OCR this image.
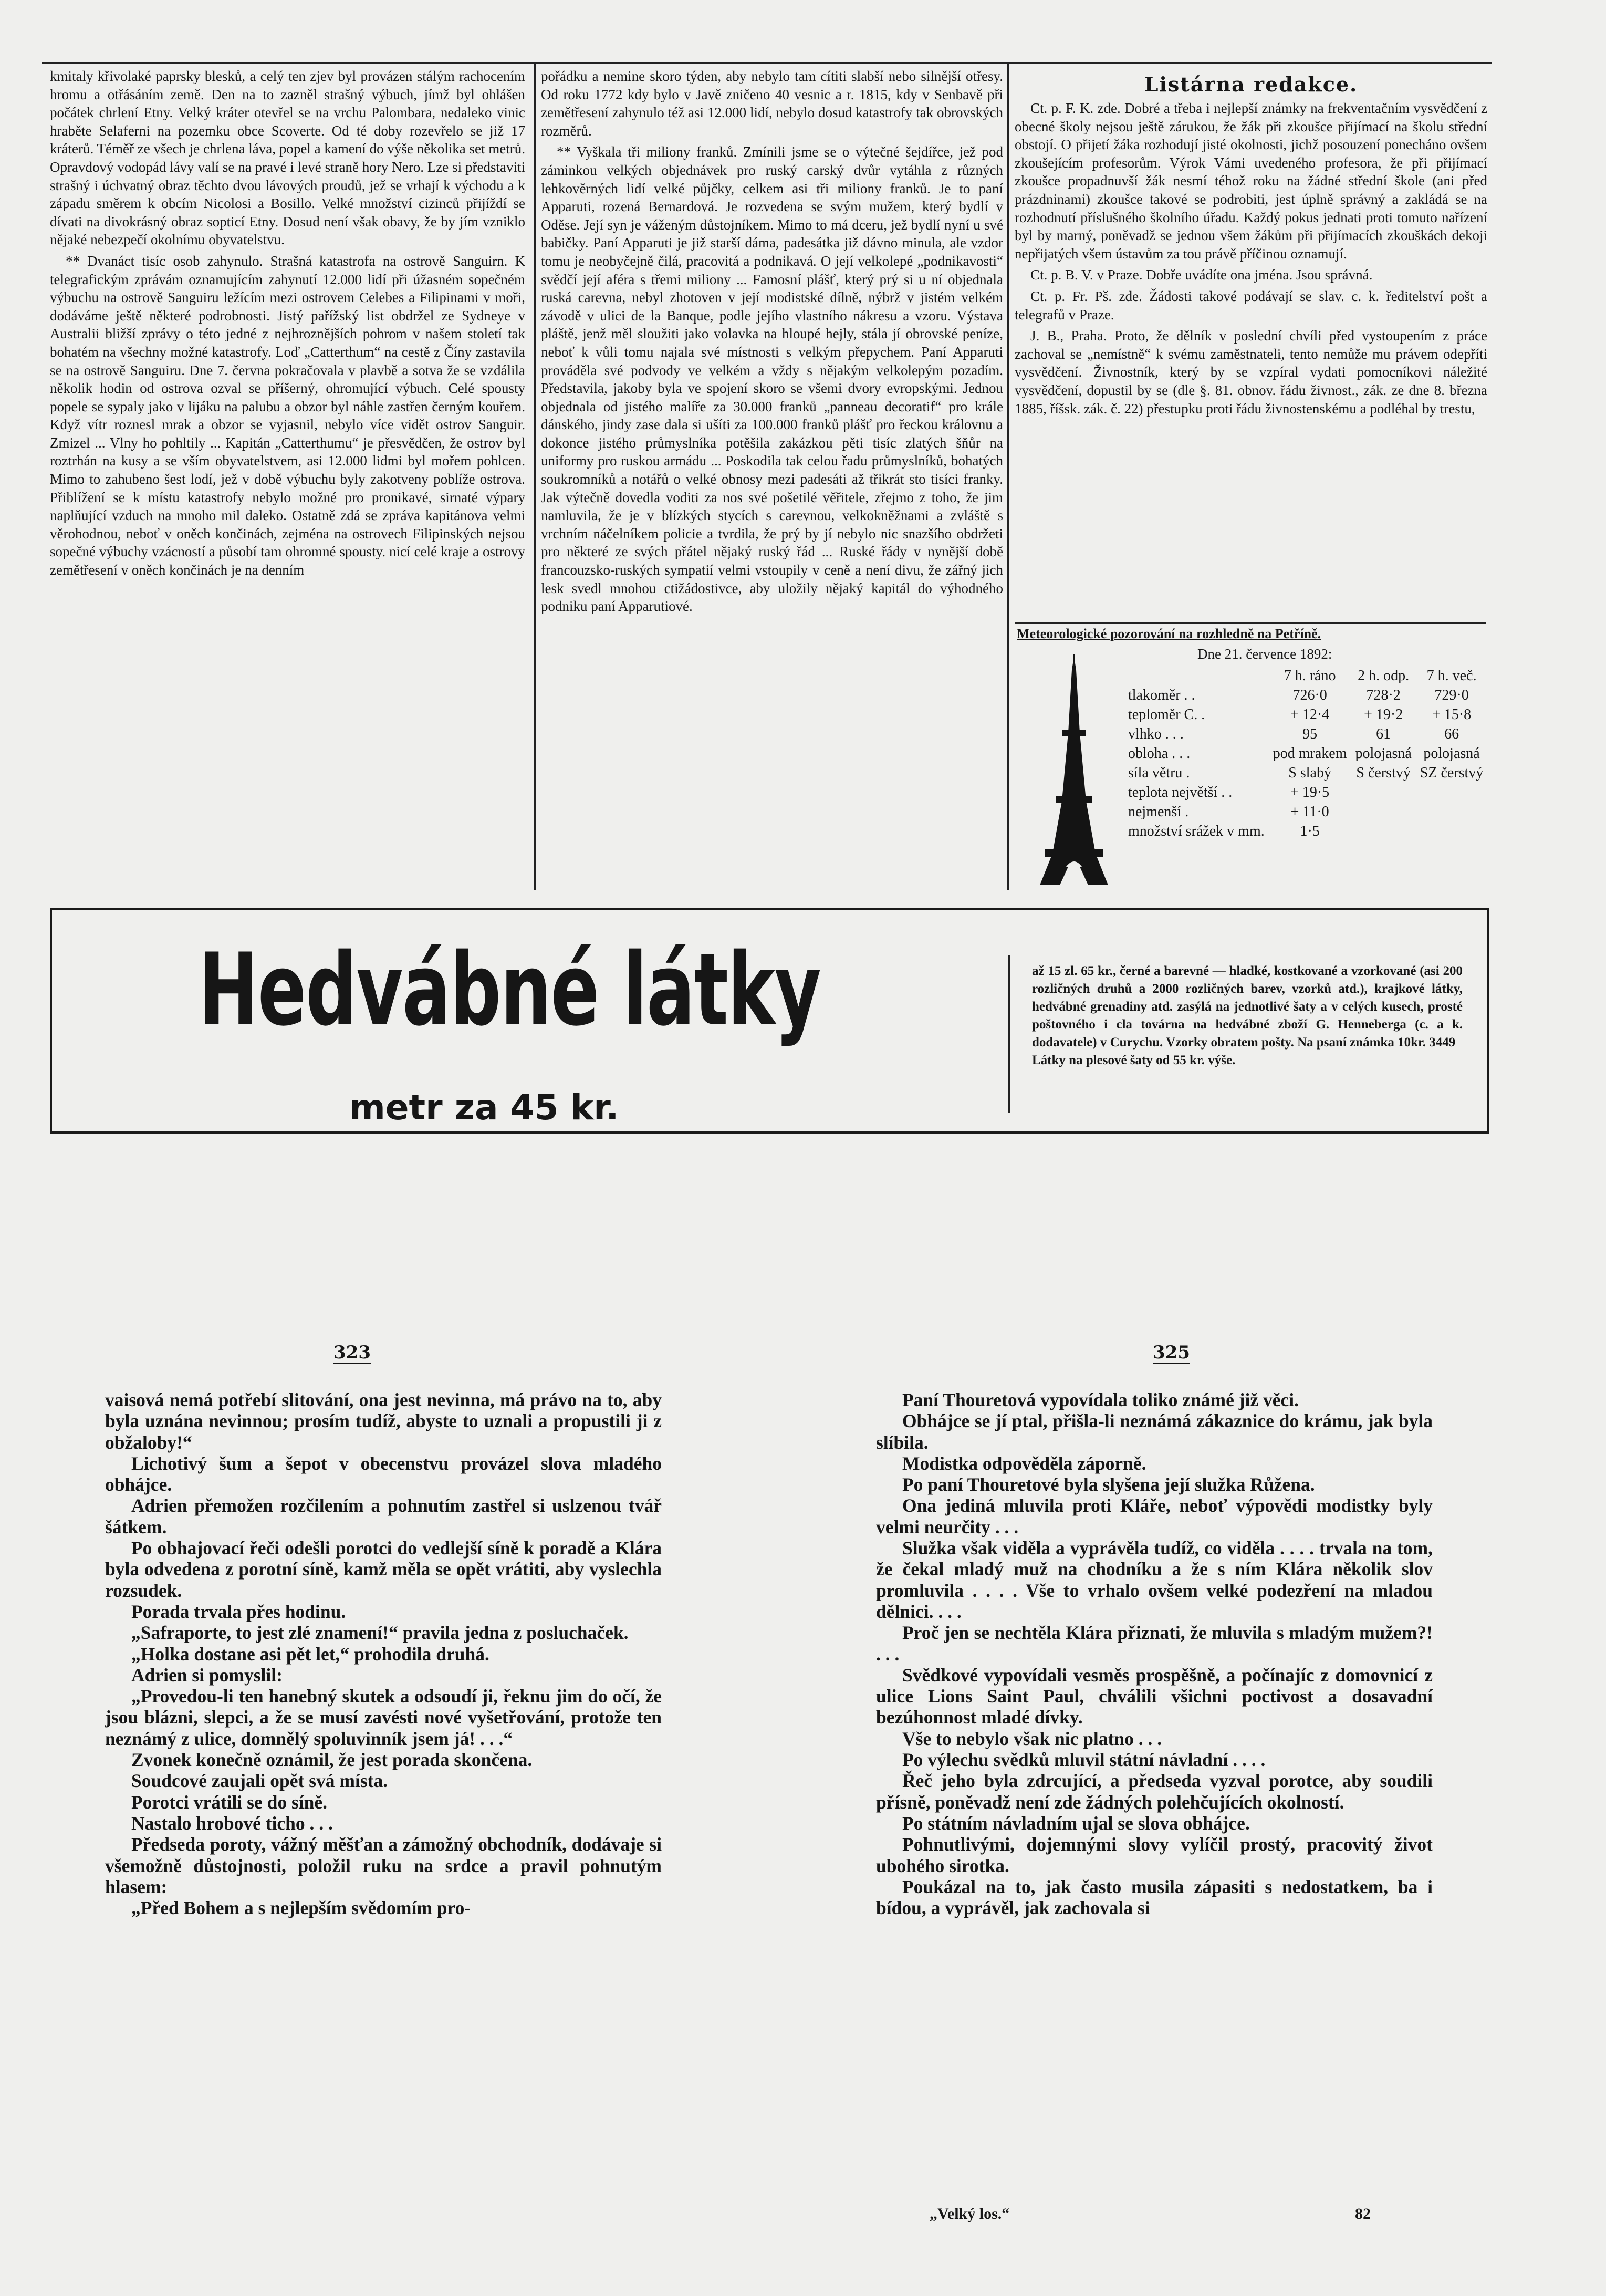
kmitaly křivolaké paprsky blesků, a celý ten zjev byl provázen stálým rachocením hromu a otřásáním země. Den na to zazněl strašný výbuch, jímž byl ohlášen počátek chrlení Etny. Velký kráter otevřel se na vrchu Palombara, nedaleko vinic hraběte Selaferni na pozemku obce Scoverte. Od té doby rozevřelo se již 17 kráterů. Téměř ze všech je chrlena láva, popel a kamení do výše několika set metrů. Opravdový vodopád lávy valí se na pravé i levé straně hory Nero. Lze si představiti strašný i úchvatný obraz těchto dvou lávových proudů, jež se vrhají k východu a k západu směrem k obcím Nicolosi a Bosillo. Velké množství cizinců přijíždí se dívati na divokrásný obraz sopticí Etny. Dosud není však obavy, že by jím vzniklo nějaké nebezpečí okolnímu obyvatelstvu.

** Dvanáct tisíc osob zahynulo. Strašná katastrofa na ostrově Sanguirn. K telegrafickým zprávám oznamujícím zahynutí 12.000 lidí při úžasném sopečném výbuchu na ostrově Sanguiru ležícím mezi ostrovem Celebes a Filipinami v moři, dodáváme ještě některé podrobnosti. Jistý pařížský list obdržel ze Sydneye v Australii bližší zprávy o této jedné z nejhroznějších pohrom v našem století tak bohatém na všechny možné katastrofy. Loď „Catterthum“ na cestě z Číny zastavila se na ostrově Sanguiru. Dne 7. června pokračovala v plavbě a sotva že se vzdálila několik hodin od ostrova ozval se příšerný, ohromující výbuch. Celé spousty popele se sypaly jako v lijáku na palubu a obzor byl náhle zastřen černým kouřem. Když vítr roznesl mrak a obzor se vyjasnil, nebylo více vidět ostrov Sanguir. Zmizel ... Vlny ho pohltily ... Kapitán „Catterthumu“ je přesvědčen, že ostrov byl roztrhán na kusy a se vším obyvatelstvem, asi 12.000 lidmi byl mořem pohlcen. Mimo to zahubeno šest lodí, jež v době výbuchu byly zakotveny poblíže ostrova. Přiblížení se k místu katastrofy nebylo možné pro pronikavé, sirnaté výpary naplňující vzduch na mnoho mil daleko. Ostatně zdá se zpráva kapitánova velmi věrohodnou, neboť v oněch končinách, zejména na ostrovech Filipinských nejsou sopečné výbuchy vzácností a působí tam ohromné spousty. nicí celé kraje a ostrovy zemětřesení v oněch končinách je na denním

pořádku a nemine skoro týden, aby nebylo tam cítiti slabší nebo silnější otřesy. Od roku 1772 kdy bylo v Javě zničeno 40 vesnic a r. 1815, kdy v Senbavě při zemětřesení zahynulo též asi 12.000 lidí, nebylo dosud katastrofy tak obrovských rozměrů.

** Vyškala tři miliony franků. Zmínili jsme se o výtečné šejdířce, jež pod záminkou velkých objednávek pro ruský carský dvůr vytáhla z různých lehkověrných lidí velké půjčky, celkem asi tři miliony franků. Je to paní Apparuti, rozená Bernardová. Je rozvedena se svým mužem, který bydlí v Oděse. Její syn je váženým důstojníkem. Mimo to má dceru, jež bydlí nyní u své babičky. Paní Apparuti je již starší dáma, padesátka již dávno minula, ale vzdor tomu je neobyčejně čilá, pracovitá a podnikavá. O její velkolepé „podnikavosti“ svědčí její aféra s třemi miliony ... Famosní plášť, který prý si u ní objednala ruská carevna, nebyl zhotoven v její modistské dílně, nýbrž v jistém velkém závodě v ulici de la Banque, podle jejího vlastního nákresu a vzoru. Výstava pláště, jenž měl sloužiti jako volavka na hloupé hejly, stála jí obrovské peníze, neboť k vůli tomu najala své místnosti s velkým přepychem. Paní Apparuti prováděla své podvody ve velkém a vždy s nějakým velkolepým pozadím. Představila, jakoby byla ve spojení skoro se všemi dvory evropskými. Jednou objednala od jistého malíře za 30.000 franků „panneau decoratif“ pro krále dánského, jindy zase dala si ušíti za 100.000 franků plášť pro řeckou královnu a dokonce jistého průmyslníka potěšila zakázkou pěti tisíc zlatých šňůr na uniformy pro ruskou armádu ... Poskodila tak celou řadu průmyslníků, bohatých soukromníků a notářů o velké obnosy mezi padesáti až třikrát sto tisíci franky. Jak výtečně dovedla voditi za nos své pošetilé věřitele, zřejmo z toho, že jim namluvila, že je v blízkých stycích s carevnou, velkokněžnami a zvláště s vrchním náčelníkem policie a tvrdila, že prý by jí nebylo nic snazšího obdržeti pro některé ze svých přátel nějaký ruský řád ... Ruské řády v nynější době francouzsko-ruských sympatií velmi vstoupily v ceně a není divu, že zářný jich lesk svedl mnohou ctižádostivce, aby uložily nějaký kapitál do výhodného podniku paní Apparutiové.

Listárna redakce.

Ct. p. F. K. zde. Dobré a třeba i nejlepší známky na frekventačním vysvědčení z obecné školy nejsou ještě zárukou, že žák při zkoušce přijímací na školu střední obstojí. O přijetí žáka rozhodují jisté okolnosti, jichž posouzení ponecháno ovšem zkoušejícím profesorům. Výrok Vámi uvedeného profesora, že při přijímací zkoušce propadnuvší žák nesmí téhož roku na žádné střední škole (ani před prázdninami) zkoušce takové se podrobiti, jest úplně správný a zakládá se na rozhodnutí příslušného školního úřadu. Každý pokus jednati proti tomuto nařízení byl by marný, poněvadž se jednou všem žákům při přijímacích zkouškách dekoji nepřijatých všem ústavům za tou právě příčinou oznamují.

Ct. p. B. V. v Praze. Dobře uvádíte ona jména. Jsou správná.

Ct. p. Fr. Pš. zde. Žádosti takové podávají se slav. c. k. ředitelství pošt a telegrafů v Praze.

J. B., Praha. Proto, že dělník v poslední chvíli před vystoupením z práce zachoval se „nemístně“ k svému zaměstnateli, tento nemůže mu právem odepříti vysvědčení. Živnostník, který by se vzpíral vydati pomocníkovi náležité vysvědčení, dopustil by se (dle §. 81. obnov. řádu živnost., zák. ze dne 8. března 1885, říšsk. zák. č. 22) přestupku proti řádu živnostenskému a podléhal by trestu,

Meteorologické pozorování na rozhledně na Petříně.
Dne 21. července 1892:
	7 h. ráno	2 h. odp.	7 h. več.
tlakoměr . .	726·0	728·2	729·0
teploměr C. .	+ 12·4	+ 19·2	+ 15·8
vlhko . . .	95	61	66
obloha . . .	pod mrakem	polojasná	polojasná
síla větru .	S slabý	S čerstvý	SZ čerstvý
teplota největší . .	+ 19·5		
nejmenší .	+ 11·0		
množství srážek v mm.	1·5		
Hedvábné látky
metr za 45 kr.
až 15 zl. 65 kr., černé a barevné — hladké, kostkované a vzorkované (asi 200 rozličných druhů a 2000 rozličných barev, vzorků atd.), krajkové látky, hedvábné grenadiny atd. zasýlá na jednotlivé šaty a v celých kusech, prosté poštovného i cla továrna na hedvábné zboží G. Henneberga (c. a k. dodavatele) v Curychu. Vzorky obratem pošty. Na psaní známka 10kr. 3449
Látky na plesové šaty od 55 kr. výše.
323	325

vaisová nemá potřebí slitování, ona jest nevinna, má právo na to, aby byla uznána nevinnou; prosím tudíž, abyste to uznali a propustili ji z obžaloby!“

Lichotivý šum a šepot v obecenstvu provázel slova mladého obhájce.

Adrien přemožen rozčilením a pohnutím zastřel si uslzenou tvář šátkem.

Po obhajovací řeči odešli porotci do vedlejší síně k poradě a Klára byla odvedena z porotní síně, kamž měla se opět vrátiti, aby vyslechla rozsudek.

Porada trvala přes hodinu.

„Safraporte, to jest zlé znamení!“ pravila jedna z posluchaček.

„Holka dostane asi pět let,“ prohodila druhá.

Adrien si pomyslil:

„Provedou-li ten hanebný skutek a odsoudí ji, řeknu jim do očí, že jsou blázni, slepci, a že se musí zavésti nové vyšetřování, protože ten neznámý z ulice, domnělý spoluvinník jsem já! . . .“

Zvonek konečně oznámil, že jest porada skončena.

Soudcové zaujali opět svá místa.

Porotci vrátili se do síně.

Nastalo hrobové ticho . . .

Předseda poroty, vážný měšťan a zámožný obchodník, dodávaje si všemožně důstojnosti, položil ruku na srdce a pravil pohnutým hlasem:

„Před Bohem a s nejlepším svědomím pro-

Paní Thouretová vypovídala toliko známé již věci.

Obhájce se jí ptal, přišla-li neznámá zákaznice do krámu, jak byla slíbila.

Modistka odpověděla záporně.

Po paní Thouretové byla slyšena její služka Růžena.

Ona jediná mluvila proti Kláře, neboť výpovědi modistky byly velmi neurčity . . .

Služka však viděla a vyprávěla tudíž, co viděla . . . . trvala na tom, že čekal mladý muž na chodníku a že s ním Klára několik slov promluvila . . . . Vše to vrhalo ovšem velké podezření na mladou dělnici. . . .

Proč jen se nechtěla Klára přiznati, že mluvila s mladým mužem?! . . .

Svědkové vypovídali vesměs prospěšně, a počínajíc z domovnicí z ulice Lions Saint Paul, chválili všichni poctivost a dosavadní bezúhonnost mladé dívky.

Vše to nebylo však nic platno . . .

Po výlechu svědků mluvil státní návladní . . . .

Řeč jeho byla zdrcující, a předseda vyzval porotce, aby soudili přísně, poněvadž není zde žádných polehčujících okolností.

Po státním návladním ujal se slova obhájce.

Pohnutlivými, dojemnými slovy vylíčil prostý, pracovitý život ubohého sirotka.

Poukázal na to, jak často musila zápasiti s nedostatkem, ba i bídou, a vyprávěl, jak zachovala si

„Velký los.“	82
